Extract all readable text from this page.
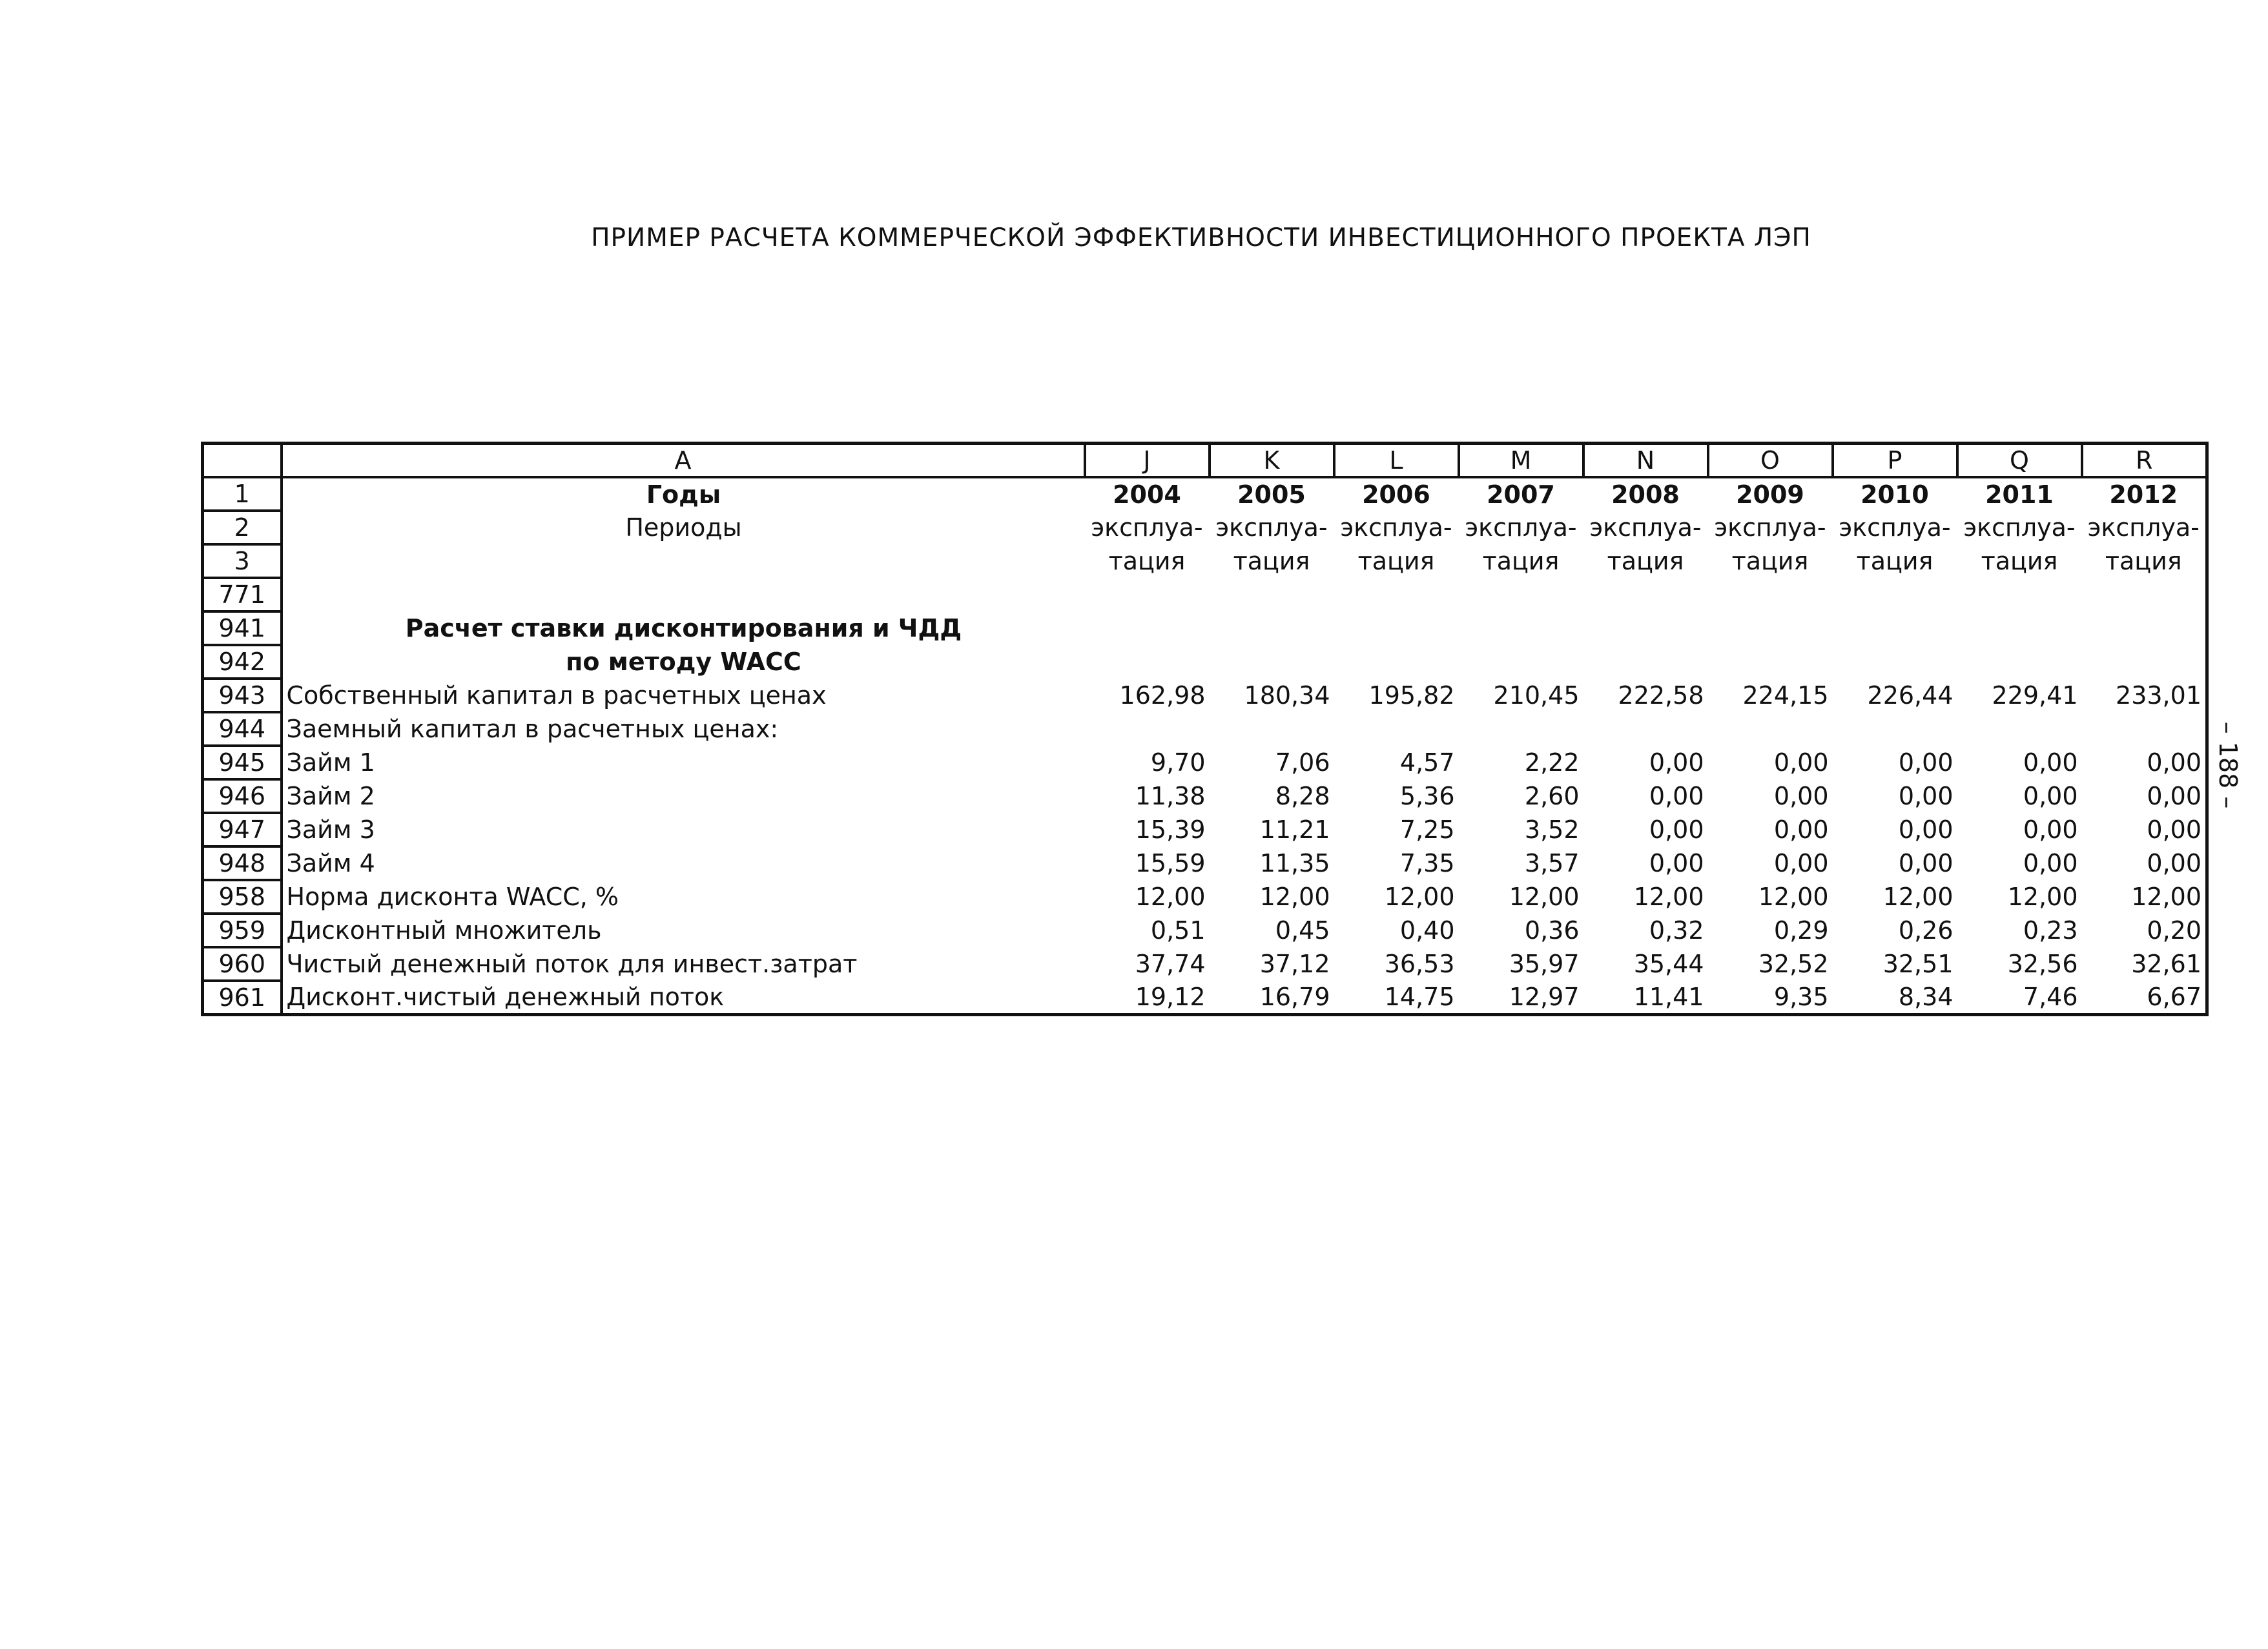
ПРИМЕР РАСЧЕТА КОММЕРЧЕСКОЙ ЭФФЕКТИВНОСТИ ИНВЕСТИЦИОННОГО ПРОЕКТА ЛЭП
– 188 –
	A	J	K	L	M	N	O	P	Q	R
1	Годы	2004	2005	2006	2007	2008	2009	2010	2011	2012
2	Периоды	эксплуа-	эксплуа-	эксплуа-	эксплуа-	эксплуа-	эксплуа-	эксплуа-	эксплуа-	эксплуа-
3		тация	тация	тация	тация	тация	тация	тация	тация	тация
771										
941	Расчет ставки дисконтирования и ЧДД									
942	по методу WACC									
943	Собственный капитал в расчетных ценах	162,98	180,34	195,82	210,45	222,58	224,15	226,44	229,41	233,01
944	Заемный капитал в расчетных ценах:									
945	Займ 1	9,70	7,06	4,57	2,22	0,00	0,00	0,00	0,00	0,00
946	Займ 2	11,38	8,28	5,36	2,60	0,00	0,00	0,00	0,00	0,00
947	Займ 3	15,39	11,21	7,25	3,52	0,00	0,00	0,00	0,00	0,00
948	Займ 4	15,59	11,35	7,35	3,57	0,00	0,00	0,00	0,00	0,00
958	Норма дисконта WACC, %	12,00	12,00	12,00	12,00	12,00	12,00	12,00	12,00	12,00
959	Дисконтный множитель	0,51	0,45	0,40	0,36	0,32	0,29	0,26	0,23	0,20
960	Чистый денежный поток для инвест.затрат	37,74	37,12	36,53	35,97	35,44	32,52	32,51	32,56	32,61
961	Дисконт.чистый денежный поток	19,12	16,79	14,75	12,97	11,41	9,35	8,34	7,46	6,67
